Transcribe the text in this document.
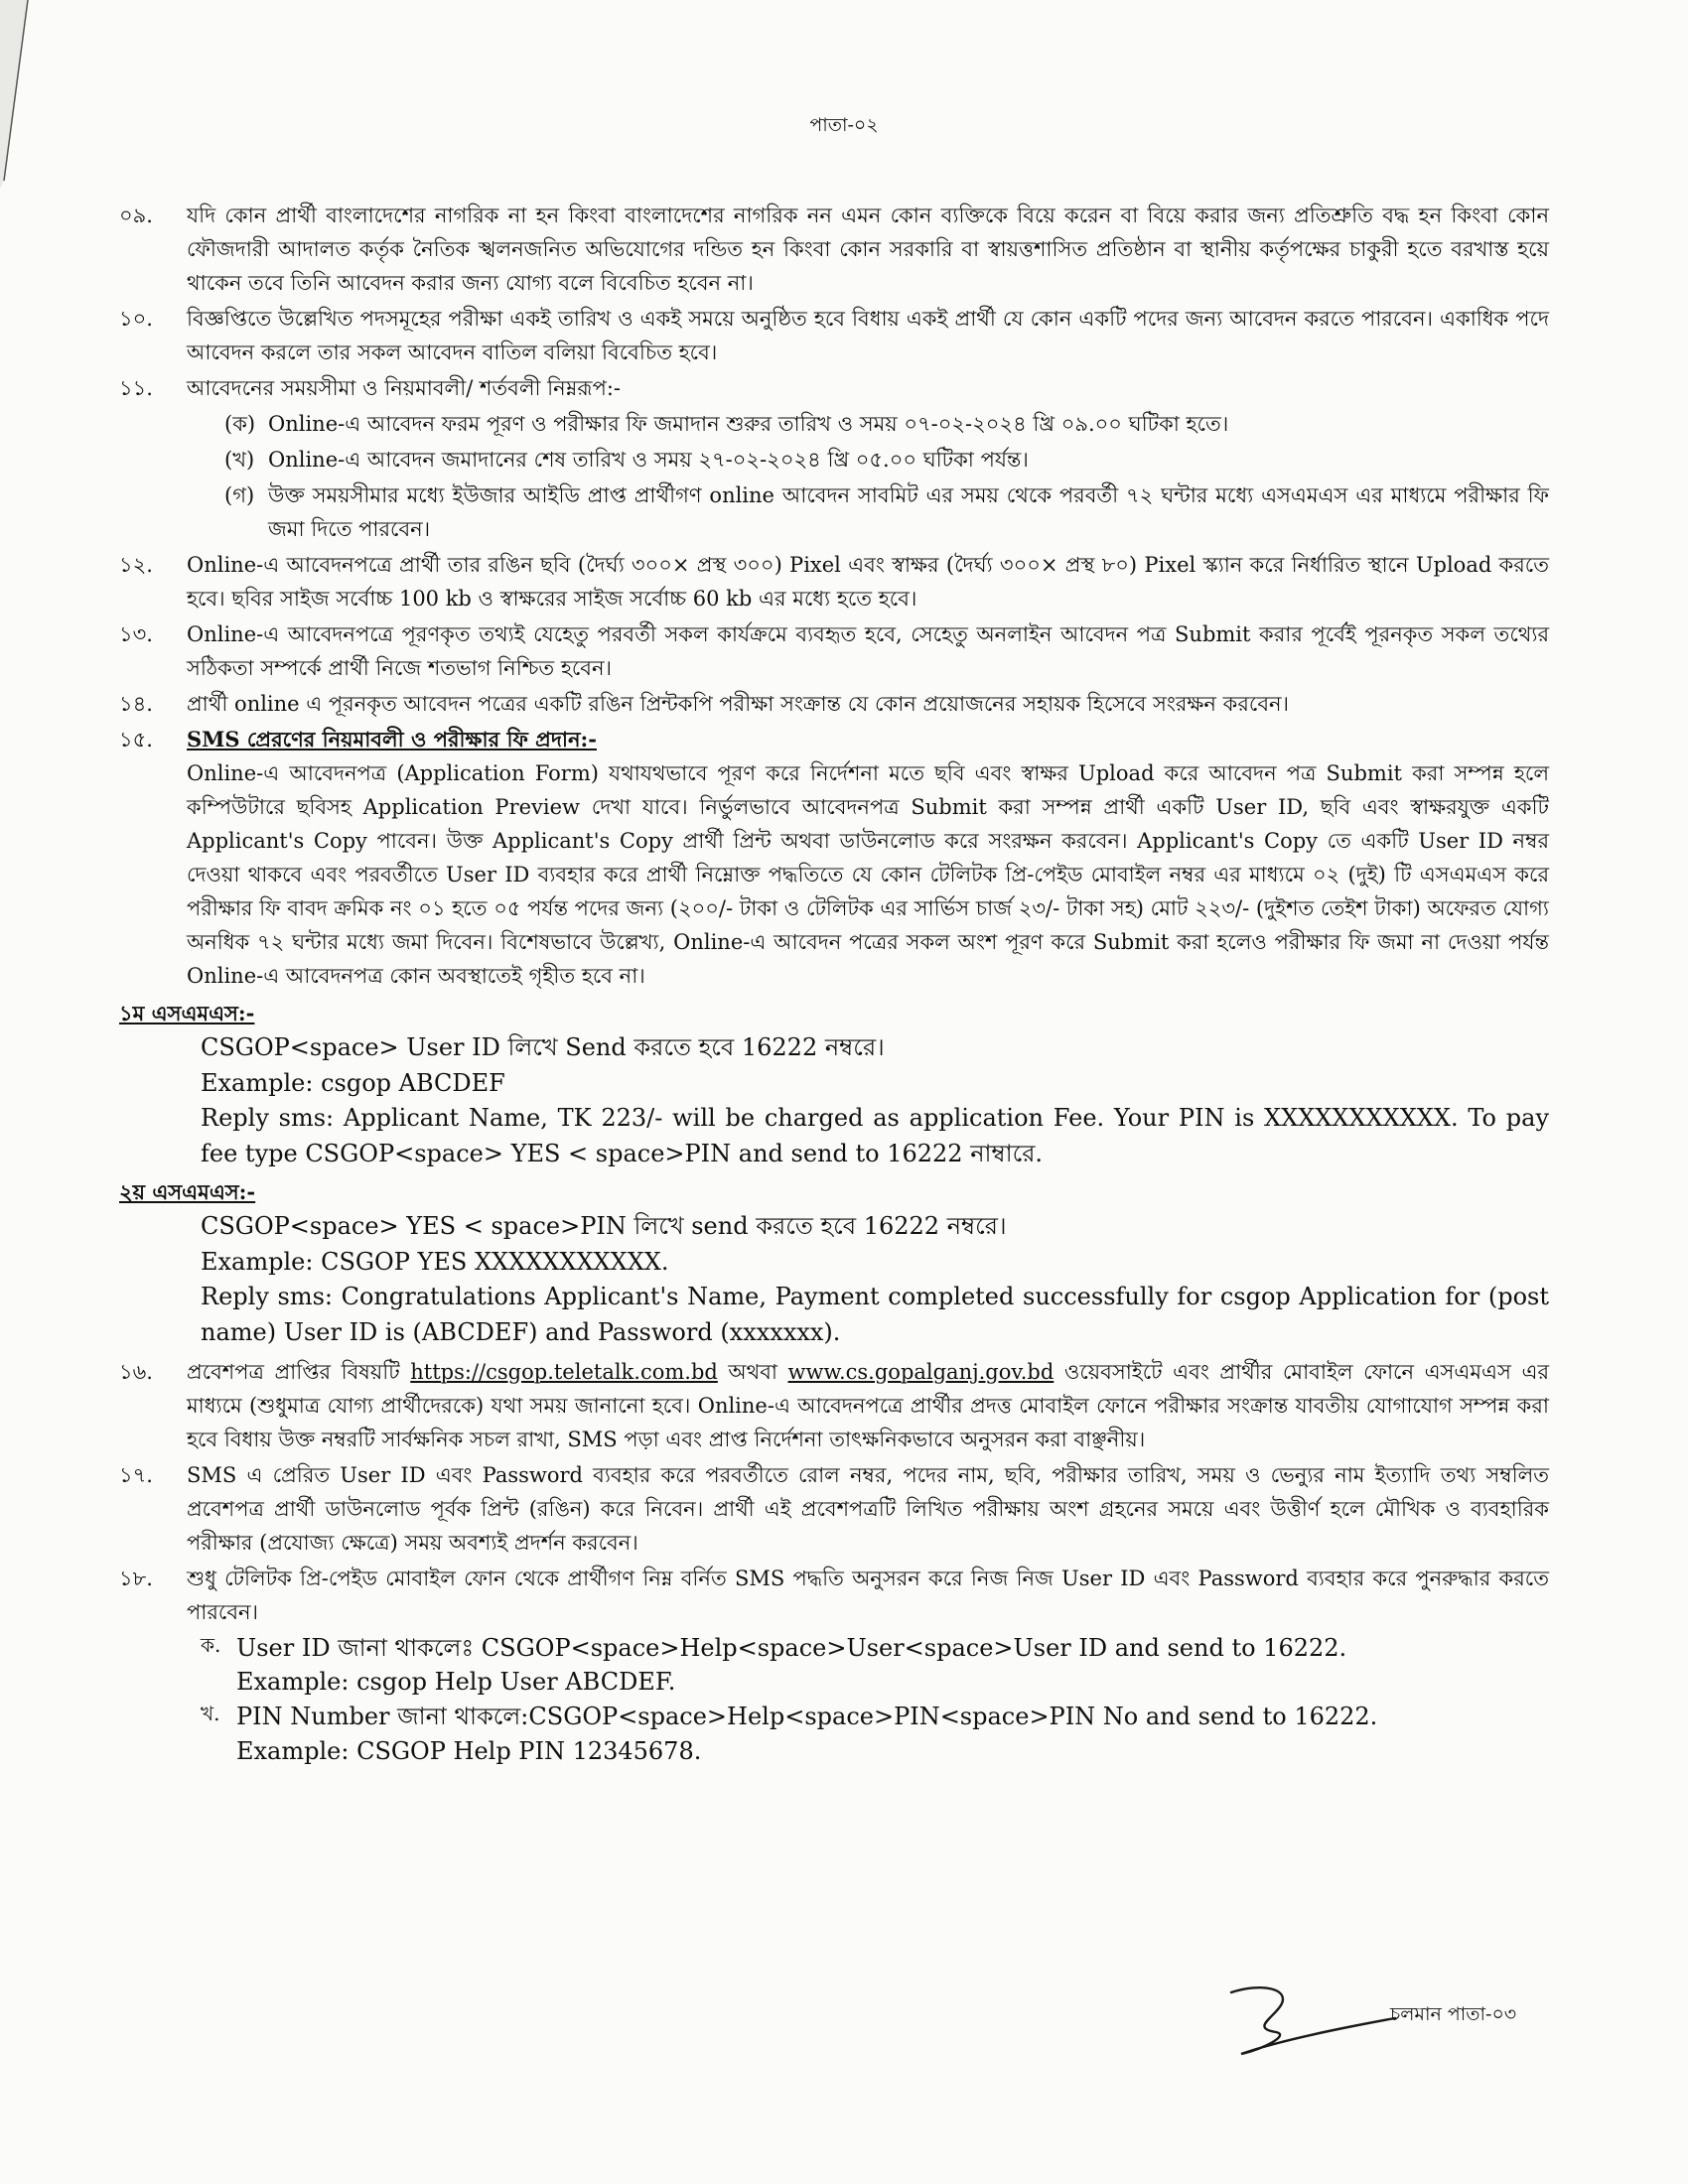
পাতা-০২
০৯.	যদি কোন প্রার্থী বাংলাদেশের নাগরিক না হন কিংবা বাংলাদেশের নাগরিক নন এমন কোন ব্যক্তিকে বিয়ে করেন বা বিয়ে করার জন্য প্রতিশ্রুতি বদ্ধ হন কিংবা কোন ফৌজদারী আদালত কর্তৃক নৈতিক স্খলনজনিত অভিযোগের দন্ডিত হন কিংবা কোন সরকারি বা স্বায়ত্তশাসিত প্রতিষ্ঠান বা স্থানীয় কর্তৃপক্ষের চাকুরী হতে বরখাস্ত হয়ে থাকেন তবে তিনি আবেদন করার জন্য যোগ্য বলে বিবেচিত হবেন না।
১০.	বিজ্ঞপ্তিতে উল্লেখিত পদসমূহের পরীক্ষা একই তারিখ ও একই সময়ে অনুষ্ঠিত হবে বিধায় একই প্রার্থী যে কোন একটি পদের জন্য আবেদন করতে পারবেন। একাধিক পদে আবেদন করলে তার সকল আবেদন বাতিল বলিয়া বিবেচিত হবে।
১১.	আবেদনের সময়সীমা ও নিয়মাবলী/ শর্তবলী নিম্নরূপ:-
(ক) Online-এ আবেদন ফরম পূরণ ও পরীক্ষার ফি জমাদান শুরুর তারিখ ও সময় ০৭-০২-২০২৪ খ্রি ০৯.০০ ঘটিকা হতে।
(খ) Online-এ আবেদন জমাদানের শেষ তারিখ ও সময় ২৭-০২-২০২৪ খ্রি ০৫.০০ ঘটিকা পর্যন্ত।
(গ) উক্ত সময়সীমার মধ্যে ইউজার আইডি প্রাপ্ত প্রার্থীগণ online আবেদন সাবমিট এর সময় থেকে পরবর্তী ৭২ ঘন্টার মধ্যে এসএমএস এর মাধ্যমে পরীক্ষার ফি জমা দিতে পারবেন।
১২.	Online-এ আবেদনপত্রে প্রার্থী তার রঙিন ছবি (দৈর্ঘ্য ৩০০× প্রস্থ ৩০০) Pixel এবং স্বাক্ষর (দৈর্ঘ্য ৩০০× প্রস্থ ৮০) Pixel স্ক্যান করে নির্ধারিত স্থানে Upload করতে হবে। ছবির সাইজ সর্বোচ্চ 100 kb ও স্বাক্ষরের সাইজ সর্বোচ্চ 60 kb এর মধ্যে হতে হবে।
১৩.	Online-এ আবেদনপত্রে পূরণকৃত তথ্যই যেহেতু পরবর্তী সকল কার্যক্রমে ব্যবহৃত হবে, সেহেতু অনলাইন আবেদন পত্র Submit করার পূর্বেই পূরনকৃত সকল তথ্যের সঠিকতা সম্পর্কে প্রার্থী নিজে শতভাগ নিশ্চিত হবেন।
১৪.	প্রার্থী online এ পূরনকৃত আবেদন পত্রের একটি রঙিন প্রিন্টকপি পরীক্ষা সংক্রান্ত যে কোন প্রয়োজনের সহায়ক হিসেবে সংরক্ষন করবেন।
১৫.	SMS প্রেরণের নিয়মাবলী ও পরীক্ষার ফি প্রদান:-
Online-এ আবেদনপত্র (Application Form) যথাযথভাবে পূরণ করে নির্দেশনা মতে ছবি এবং স্বাক্ষর Upload করে আবেদন পত্র Submit করা সম্পন্ন হলে কম্পিউটারে ছবিসহ Application Preview দেখা যাবে। নির্ভুলভাবে আবেদনপত্র Submit করা সম্পন্ন প্রার্থী একটি User ID, ছবি এবং স্বাক্ষরযুক্ত একটি Applicant's Copy পাবেন। উক্ত Applicant's Copy প্রার্থী প্রিন্ট অথবা ডাউনলোড করে সংরক্ষন করবেন। Applicant's Copy তে একটি User ID নম্বর দেওয়া থাকবে এবং পরবর্তীতে User ID ব্যবহার করে প্রার্থী নিম্নোক্ত পদ্ধতিতে যে কোন টেলিটক প্রি-পেইড মোবাইল নম্বর এর মাধ্যমে ০২ (দুই) টি এসএমএস করে পরীক্ষার ফি বাবদ ক্রমিক নং ০১ হতে ০৫ পর্যন্ত পদের জন্য (২০০/- টাকা ও টেলিটক এর সার্ভিস চার্জ ২৩/- টাকা সহ) মোট ২২৩/- (দুইশত তেইশ টাকা) অফেরত যোগ্য অনধিক ৭২ ঘন্টার মধ্যে জমা দিবেন। বিশেষভাবে উল্লেখ্য, Online-এ আবেদন পত্রের সকল অংশ পূরণ করে Submit করা হলেও পরীক্ষার ফি জমা না দেওয়া পর্যন্ত Online-এ আবেদনপত্র কোন অবস্থাতেই গৃহীত হবে না।
১ম এসএমএস:-
CSGOP<space> User ID লিখে Send করতে হবে 16222 নম্বরে।
Example: csgop ABCDEF
Reply sms: Applicant Name, TK 223/- will be charged as application Fee. Your PIN is XXXXXXXXXXX. To pay fee type CSGOP<space> YES < space>PIN and send to 16222 নাম্বারে.
২য় এসএমএস:-
CSGOP<space> YES < space>PIN লিখে send করতে হবে 16222 নম্বরে।
Example: CSGOP YES XXXXXXXXXXX.
Reply sms: Congratulations Applicant's Name, Payment completed successfully for csgop Application for (post name) User ID is (ABCDEF) and Password (xxxxxxx).
১৬.	প্রবেশপত্র প্রাপ্তির বিষয়টি https://csgop.teletalk.com.bd অথবা www.cs.gopalganj.gov.bd ওয়েবসাইটে এবং প্রার্থীর মোবাইল ফোনে এসএমএস এর মাধ্যমে (শুধুমাত্র যোগ্য প্রার্থীদেরকে) যথা সময় জানানো হবে। Online-এ আবেদনপত্রে প্রার্থীর প্রদত্ত মোবাইল ফোনে পরীক্ষার সংক্রান্ত যাবতীয় যোগাযোগ সম্পন্ন করা হবে বিধায় উক্ত নম্বরটি সার্বক্ষনিক সচল রাখা, SMS পড়া এবং প্রাপ্ত নির্দেশনা তাৎক্ষনিকভাবে অনুসরন করা বাঞ্ছনীয়।
১৭.	SMS এ প্রেরিত User ID এবং Password ব্যবহার করে পরবর্তীতে রোল নম্বর, পদের নাম, ছবি, পরীক্ষার তারিখ, সময় ও ভেন্যুর নাম ইত্যাদি তথ্য সম্বলিত প্রবেশপত্র প্রার্থী ডাউনলোড পূর্বক প্রিন্ট (রঙিন) করে নিবেন। প্রার্থী এই প্রবেশপত্রটি লিখিত পরীক্ষায় অংশ গ্রহনের সময়ে এবং উত্তীর্ণ হলে মৌখিক ও ব্যবহারিক পরীক্ষার (প্রযোজ্য ক্ষেত্রে) সময় অবশ্যই প্রদর্শন করবেন।
১৮.	শুধু টেলিটক প্রি-পেইড মোবাইল ফোন থেকে প্রার্থীগণ নিম্ন বর্নিত SMS পদ্ধতি অনুসরন করে নিজ নিজ User ID এবং Password ব্যবহার করে পুনরুদ্ধার করতে পারবেন।
ক. User ID জানা থাকলেঃ CSGOP<space>Help<space>User<space>User ID and send to 16222.
Example: csgop Help User ABCDEF.
খ. PIN Number জানা থাকলে:CSGOP<space>Help<space>PIN<space>PIN No and send to 16222.
Example: CSGOP Help PIN 12345678.
চলমান পাতা-০৩
